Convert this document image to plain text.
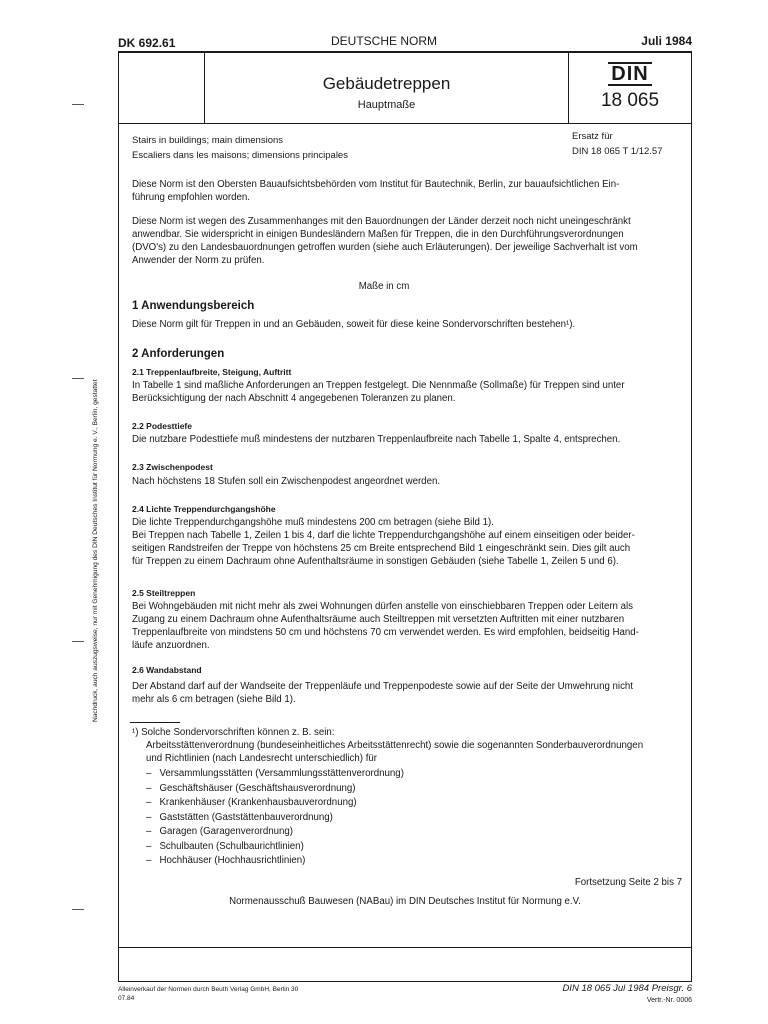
DK 692.61	DEUTSCHE NORM	Juli 1984
Gebäudetreppen
Hauptmaße
DIN
18 065
Stairs in buildings; main dimensions
Escaliers dans les maisons; dimensions principales
Ersatz für
DIN 18 065 T 1/12.57
Diese Norm ist den Obersten Bauaufsichtsbehörden vom Institut für Bautechnik, Berlin, zur bauaufsichtlichen Ein-
führung empfohlen worden.
Diese Norm ist wegen des Zusammenhanges mit den Bauordnungen der Länder derzeit noch nicht uneingeschränkt
anwendbar. Sie widerspricht in einigen Bundesländern Maßen für Treppen, die in den Durchführungsverordnungen
(DVO's) zu den Landesbauordnungen getroffen wurden (siehe auch Erläuterungen). Der jeweilige Sachverhalt ist vom
Anwender der Norm zu prüfen.
Maße in cm
1 Anwendungsbereich
Diese Norm gilt für Treppen in und an Gebäuden, soweit für diese keine Sondervorschriften bestehen¹).
2 Anforderungen
2.1 Treppenlaufbreite, Steigung, Auftritt
In Tabelle 1 sind maßliche Anforderungen an Treppen festgelegt. Die Nennmaße (Sollmaße) für Treppen sind unter
Berücksichtigung der nach Abschnitt 4 angegebenen Toleranzen zu planen.
2.2 Podesttiefe
Die nutzbare Podesttiefe muß mindestens der nutzbaren Treppenlaufbreite nach Tabelle 1, Spalte 4, entsprechen.
2.3 Zwischenpodest
Nach höchstens 18 Stufen soll ein Zwischenpodest angeordnet werden.
2.4 Lichte Treppendurchgangshöhe
Die lichte Treppendurchgangshöhe muß mindestens 200 cm betragen (siehe Bild 1).
Bei Treppen nach Tabelle 1, Zeilen 1 bis 4, darf die lichte Treppendurchgangshöhe auf einem einseitigen oder beider-
seitigen Randstreifen der Treppe von höchstens 25 cm Breite entsprechend Bild 1 eingeschränkt sein. Dies gilt auch
für Treppen zu einem Dachraum ohne Aufenthaltsräume in sonstigen Gebäuden (siehe Tabelle 1, Zeilen 5 und 6).
2.5 Steiltreppen
Bei Wohngebäuden mit nicht mehr als zwei Wohnungen dürfen anstelle von einschiebbaren Treppen oder Leitern als
Zugang zu einem Dachraum ohne Aufenthaltsräume auch Steiltreppen mit versetzten Auftritten mit einer nutzbaren
Treppenlaufbreite von mindstens 50 cm und höchstens 70 cm verwendet werden. Es wird empfohlen, beidseitig Hand-
läufe anzuordnen.
2.6 Wandabstand
Der Abstand darf auf der Wandseite der Treppenläufe und Treppenpodeste sowie auf der Seite der Umwehrung nicht
mehr als 6 cm betragen (siehe Bild 1).
¹) Solche Sondervorschriften können z. B. sein:
Arbeitsstättenverordnung (bundeseinheitliches Arbeitsstättenrecht) sowie die sogenannten Sonderbauverordnungen
und Richtlinien (nach Landesrecht unterschiedlich) für
–   Versammlungsstätten (Versammlungsstättenverordnung)
–   Geschäftshäuser (Geschäftshausverordnung)
–   Krankenhäuser (Krankenhausbauverordnung)
–   Gaststätten (Gaststättenbauverordnung)
–   Garagen (Garagenverordnung)
–   Schulbauten (Schulbaurichtlinien)
–   Hochhäuser (Hochhausrichtlinien)
Fortsetzung Seite 2 bis 7
Normenausschuß Bauwesen (NABau) im DIN Deutsches Institut für Normung e.V.
Alleinverkauf der Normen durch Beuth Verlag GmbH, Berlin 30
07.84
DIN 18 065 Jul 1984 Preisgr. 6
Vertr.-Nr. 0006
Nachdruck, auch auszugsweise, nur mit Genehmigung des DIN Deutsches Institut für Normung e. V., Berlin, gestattet
